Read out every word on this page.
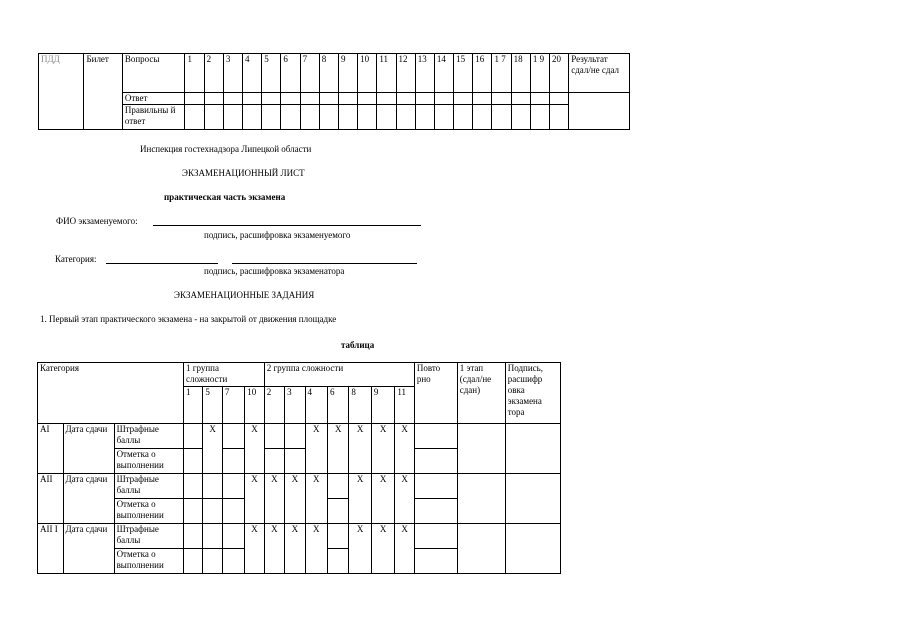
ПДД	Билет	Вопросы	1	2	3	4	5	6	7	8	9	10	11	12	13	14	15	16	1 7	18	1 9	20	Результат сдал/не сдал
		Ответ																					
		Правильны й ответ																					
Инспекция гостехнадзора Липецкой области
ЭКЗАМЕНАЦИОННЫЙ ЛИСТ
практическая часть экзамена
ФИО экзаменуемого:
подпись, расшифровка экзаменуемого
Категория:
подпись, расшифровка экзаменатора
ЭКЗАМЕНАЦИОННЫЕ ЗАДАНИЯ
1. Первый этап практического экзамена - на закрытой от движения площадке
таблица
Категория			1 группа сложности				2 группа сложности							Повто рно	1 этап (сдал/не сдан)	Подпись, расшифр овка экзамена тора
			1	5	7	10	2	3	4	6	8	9	11			
AI	Дата сдачи	Штрафные баллы		X		X			X	X	X	X	X			
		Отметка о выполнении														
AII	Дата сдачи	Штрафные баллы				X	X	X	X		X	X	X			
		Отметка о выполнении														
AII I	Дата сдачи	Штрафные баллы				X	X	X	X		X	X	X			
		Отметка о выполнении														
